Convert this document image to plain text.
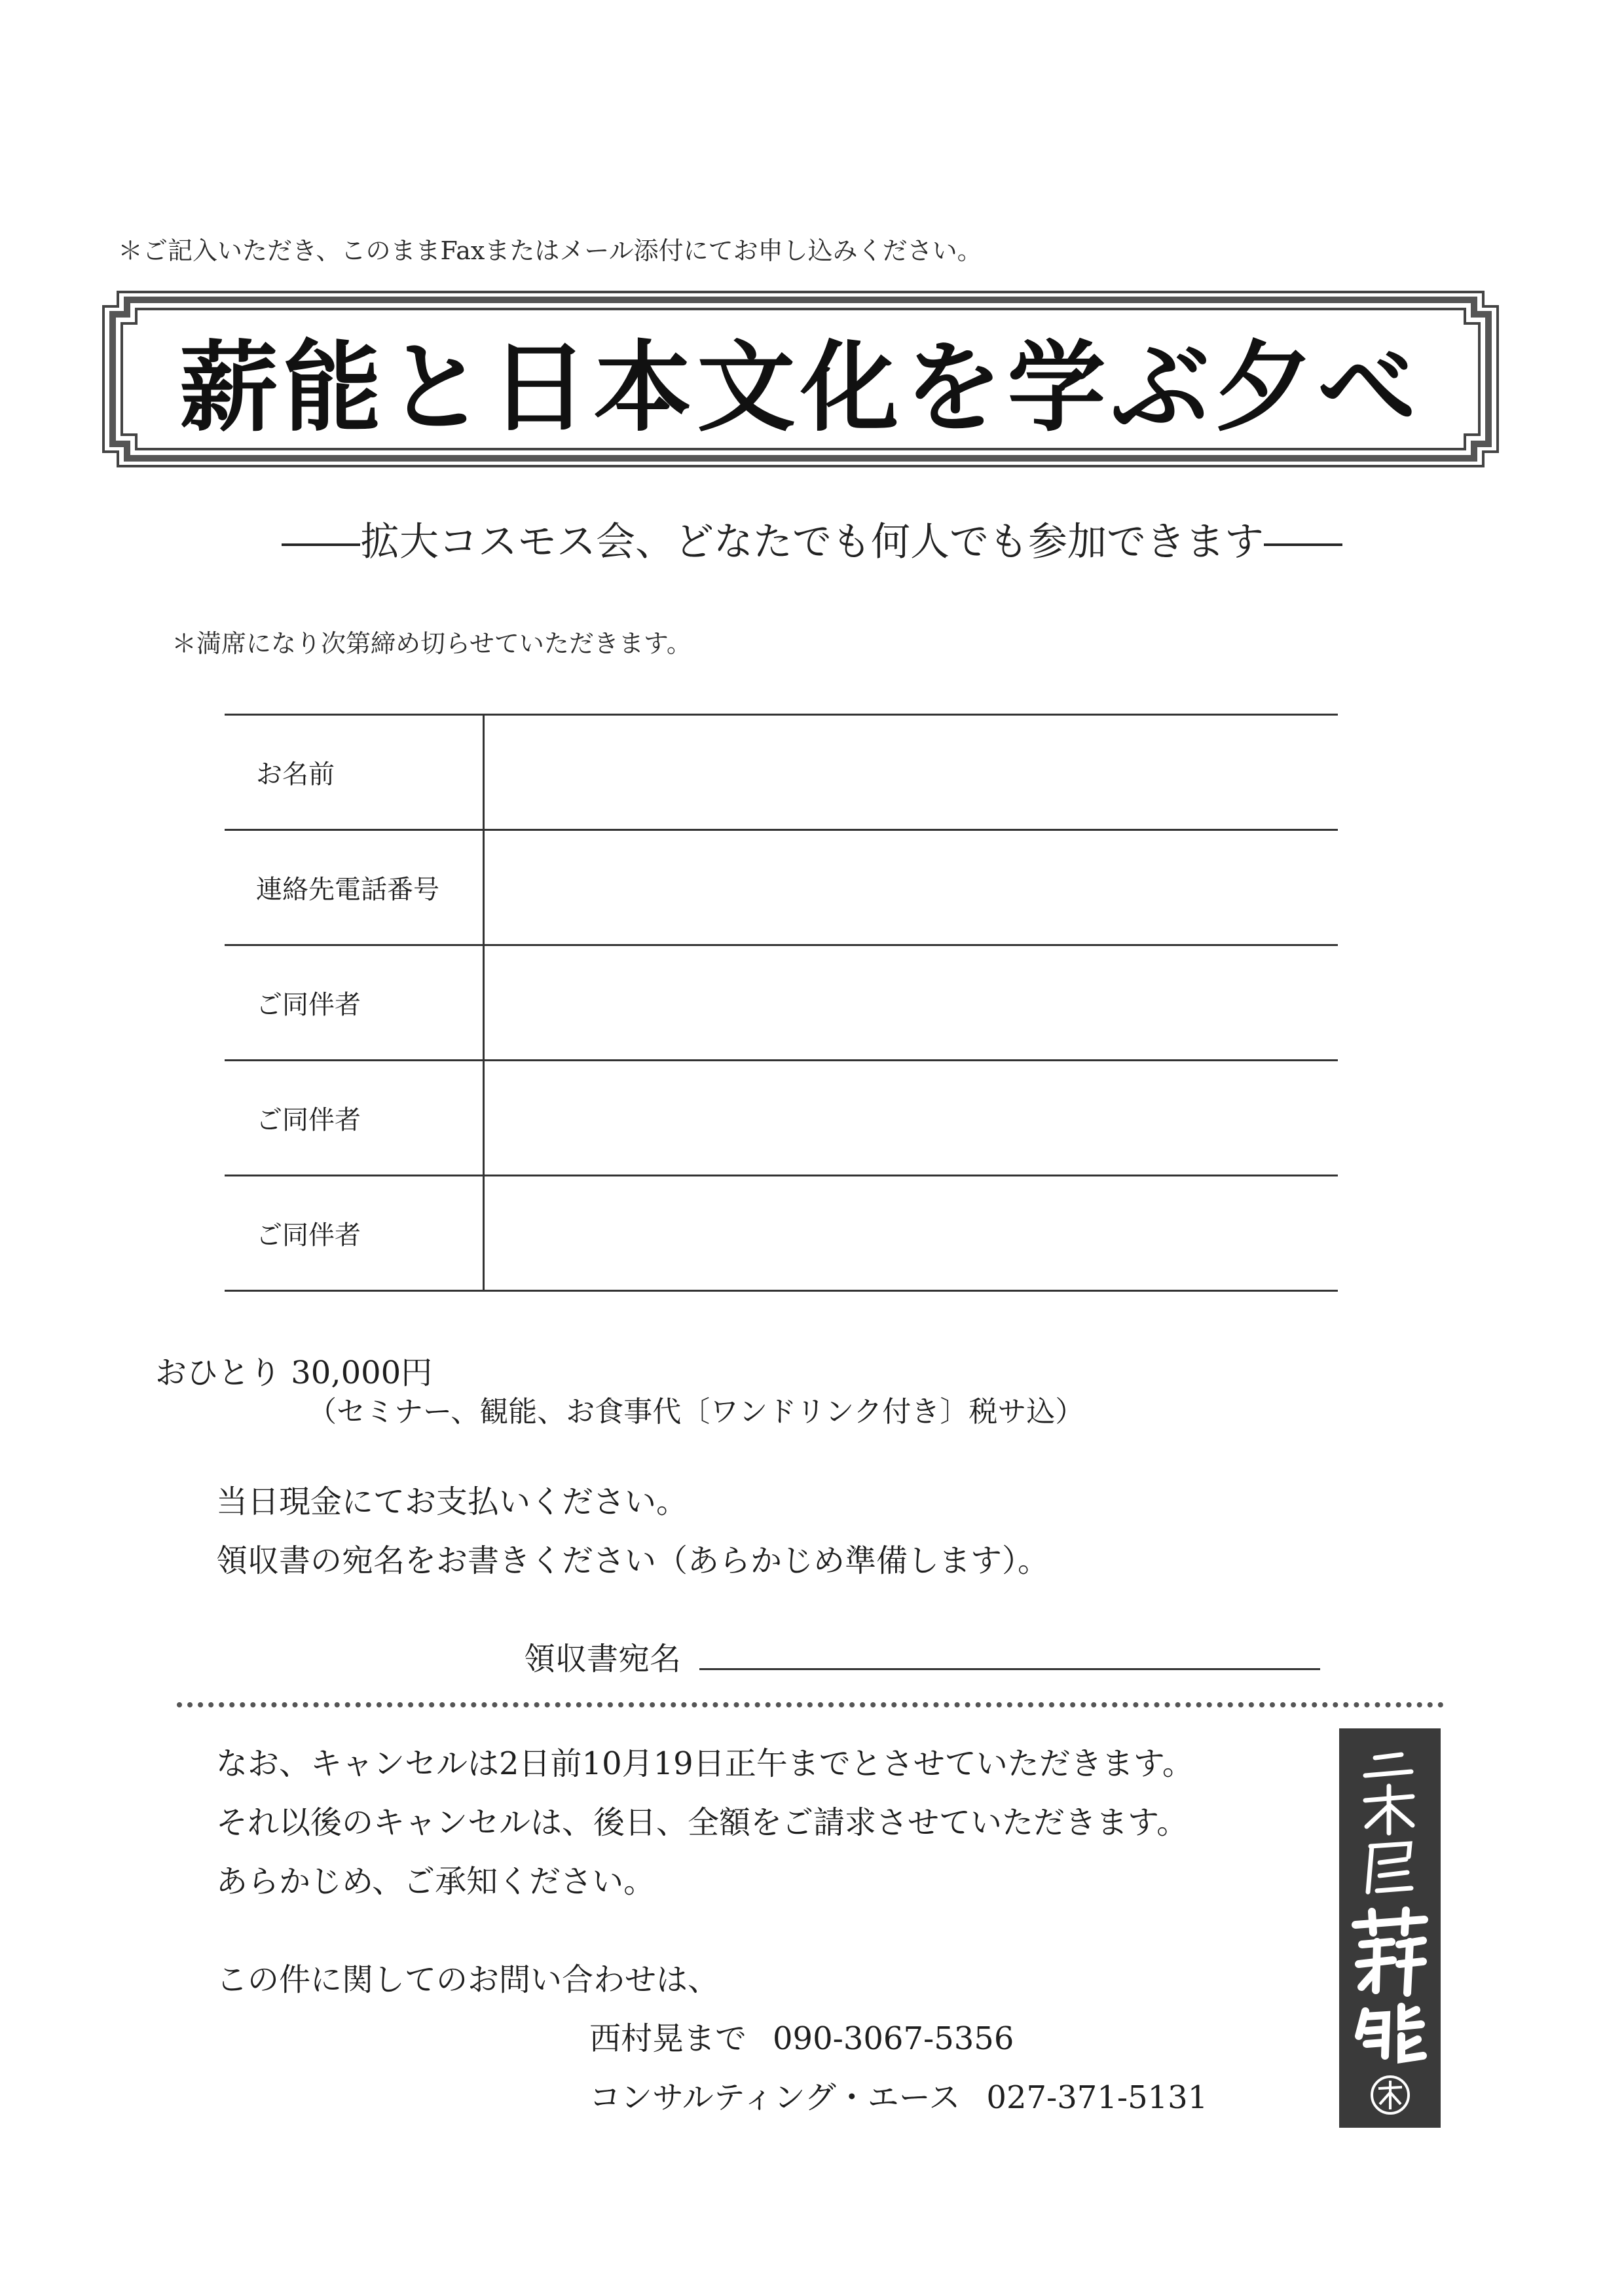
＊ご記入いただき、このままFaxまたはメール添付にてお申し込みください。
薪能と日本文化を学ぶ夕べ
――拡大コスモス会、どなたでも何人でも参加できます――
＊満席になり次第締め切らせていただきます。
お名前	
連絡先電話番号	
ご同伴者	
ご同伴者	
ご同伴者	
おひとり 30,000円
（セミナー、観能、お食事代〔ワンドリンク付き〕税サ込）
当日現金にてお支払いください。
領収書の宛名をお書きください（あらかじめ準備します）。
領収書宛名
なお、キャンセルは2日前10月19日正午までとさせていただきます。
それ以後のキャンセルは、後日、全額をご請求させていただきます。
あらかじめ、ご承知ください。
この件に関してのお問い合わせは、
西村晃まで 090-3067-5356
コンサルティング・エース 027-371-5131
